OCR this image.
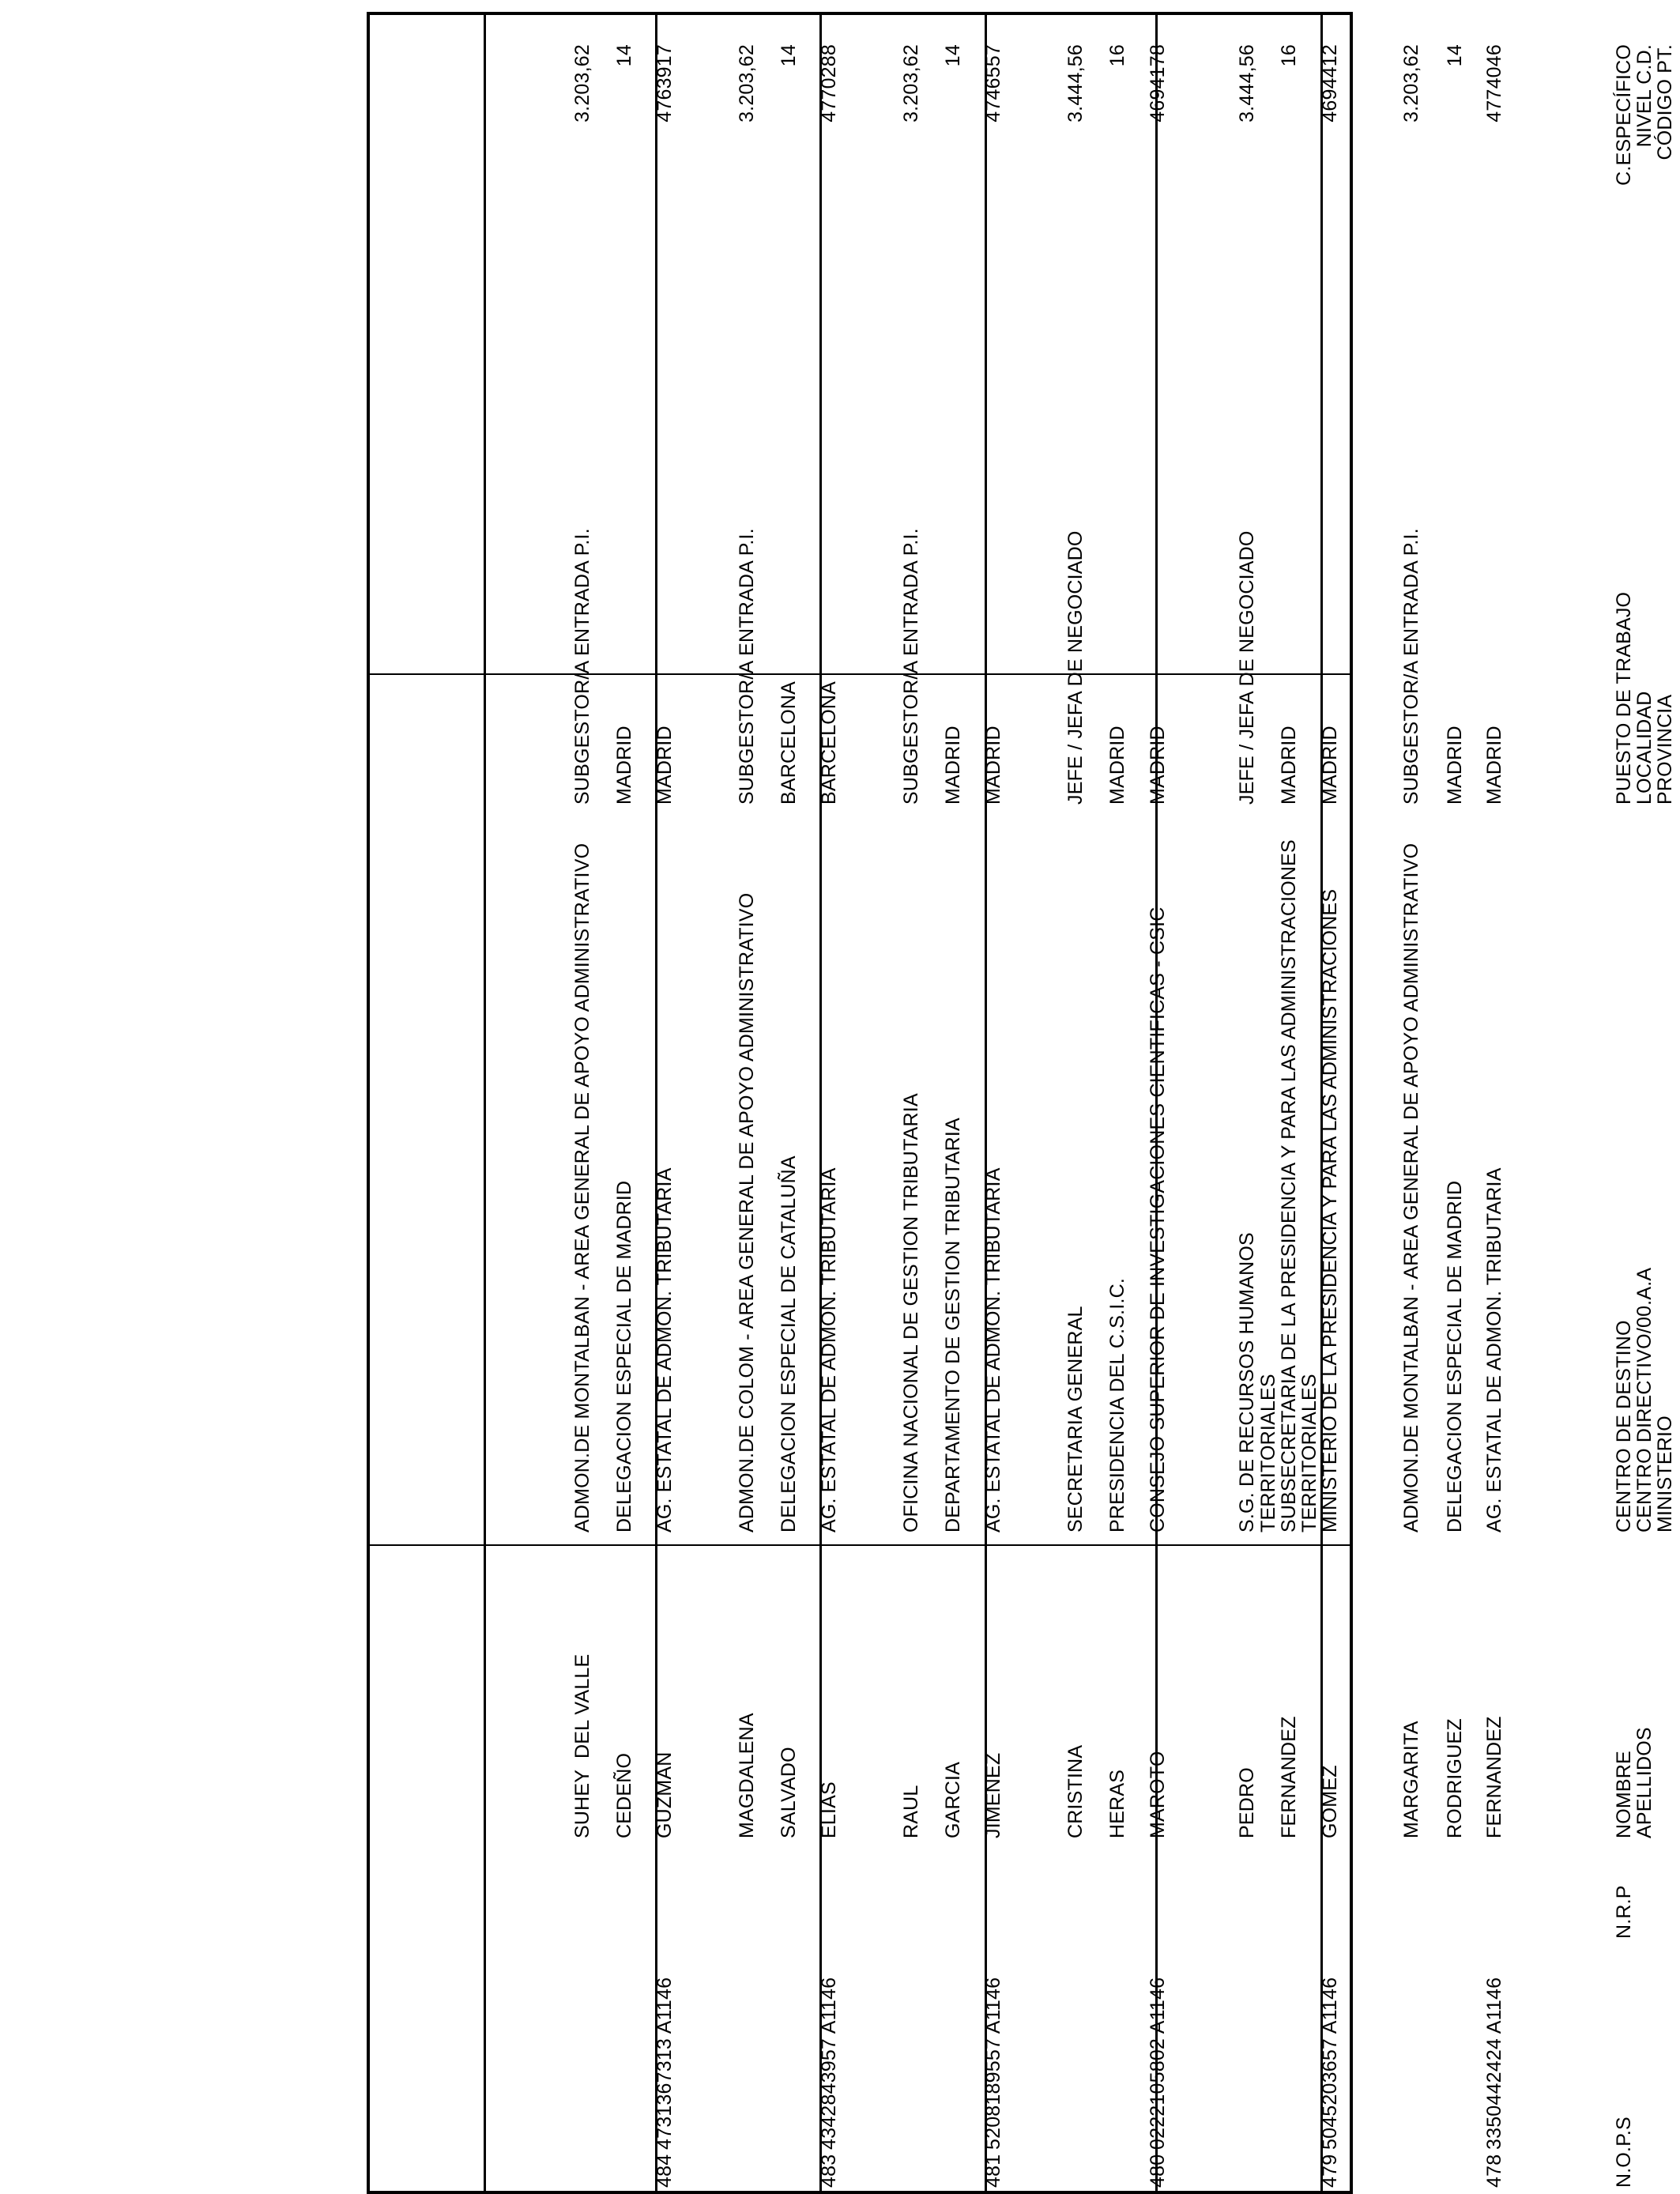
N.O.P.S
N.R.P
APELLIDOS
NOMBRE
MINISTERIO
CENTRO DIRECTIVO/00.A.A
CENTRO DE DESTINO
PROVINCIA
LOCALIDAD
PUESTO DE TRABAJO
CÓDIGO PT.
NIVEL C.D.
C.ESPECÍFICO
478
3350442424 A1146
FERNANDEZ
RODRIGUEZ
MARGARITA
AG. ESTATAL DE ADMON. TRIBUTARIA
DELEGACION ESPECIAL DE MADRID
ADMON.DE MONTALBAN - AREA GENERAL DE APOYO ADMINISTRATIVO
MADRID
MADRID
SUBGESTOR/A ENTRADA P.I.
4774046
14
3.203,62
479
5045203657 A1146
GOMEZ
FERNANDEZ
PEDRO
MINISTERIO DE LA PRESIDENCIA Y PARA LAS ADMINISTRACIONES
TERRITORIALES
SUBSECRETARIA DE LA PRESIDENCIA Y PARA LAS ADMINISTRACIONES
TERRITORIALES
S.G. DE RECURSOS HUMANOS
MADRID
MADRID
JEFE / JEFA DE NEGOCIADO
4694412
16
3.444,56
480
0222105802 A1146
MAROTO
HERAS
CRISTINA
CONSEJO SUPERIOR DE INVESTIGACIONES CIENTIFICAS - CSIC
PRESIDENCIA DEL C.S.I.C.
SECRETARIA GENERAL
MADRID
MADRID
JEFE / JEFA DE NEGOCIADO
4694178
16
3.444,56
481
5208189557 A1146
JIMENEZ
GARCIA
RAUL
AG. ESTATAL DE ADMON. TRIBUTARIA
DEPARTAMENTO DE GESTION TRIBUTARIA
OFICINA NACIONAL DE GESTION TRIBUTARIA
MADRID
MADRID
SUBGESTOR/A ENTRADA P.I.
4746557
14
3.203,62
483
4342843957 A1146
ELIAS
SALVADO
MAGDALENA
AG. ESTATAL DE ADMON. TRIBUTARIA
DELEGACION ESPECIAL DE CATALUÑA
ADMON.DE COLOM - AREA GENERAL DE APOYO ADMINISTRATIVO
BARCELONA
BARCELONA
SUBGESTOR/A ENTRADA P.I.
4770288
14
3.203,62
484
4731367313 A1146
GUZMAN
CEDEÑO
SUHEY  DEL VALLE
AG. ESTATAL DE ADMON. TRIBUTARIA
DELEGACION ESPECIAL DE MADRID
ADMON.DE MONTALBAN - AREA GENERAL DE APOYO ADMINISTRATIVO
MADRID
MADRID
SUBGESTOR/A ENTRADA P.I.
4763917
14
3.203,62
